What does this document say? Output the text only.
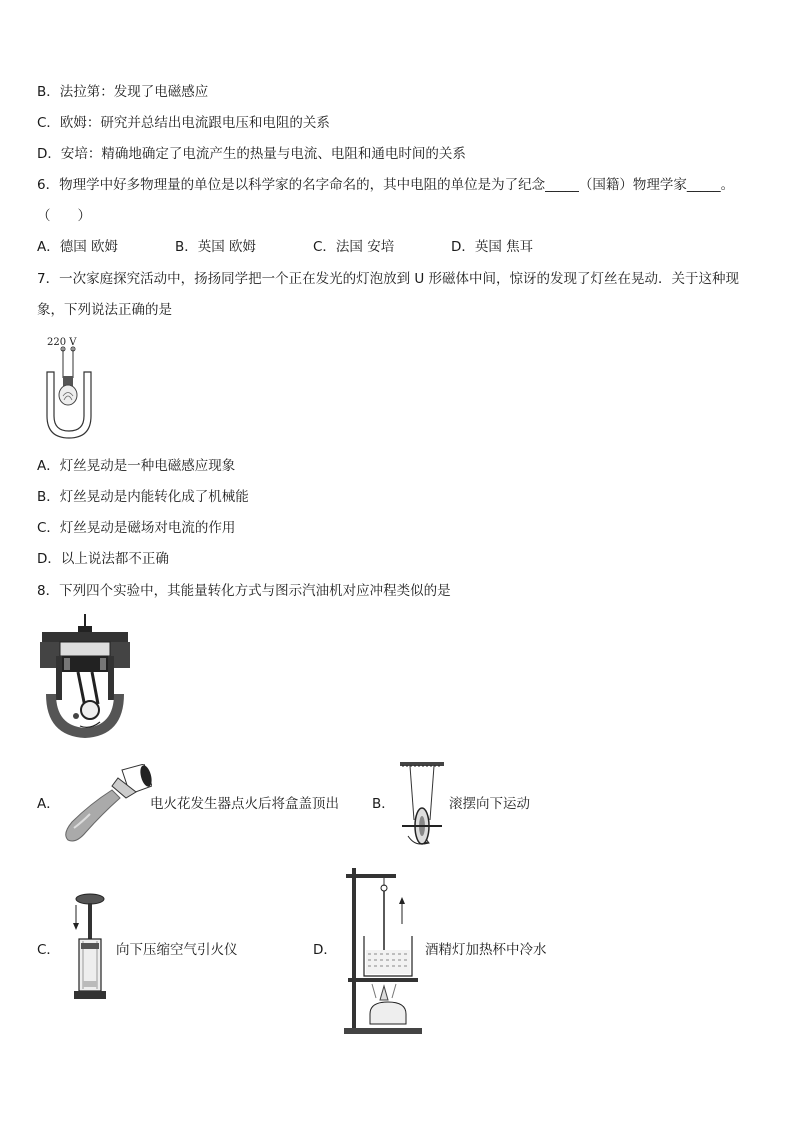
B．法拉第：发现了电磁感应
C．欧姆：研究并总结出电流跟电压和电阻的关系
D．安培：精确地确定了电流产生的热量与电流、电阻和通电时间的关系
6．物理学中好多物理量的单位是以科学家的名字命名的，其中电阻的单位是为了纪念_____（国籍）物理学家_____。
（　　）
A．德国 欧姆	B．英国 欧姆	C．法国 安培	D．英国 焦耳
7．一次家庭探究活动中，扬扬同学把一个正在发光的灯泡放到 U 形磁体中间，惊讶的发现了灯丝在晃动．关于这种现
象，下列说法正确的是
220 V
A．灯丝晃动是一种电磁感应现象
B．灯丝晃动是内能转化成了机械能
C．灯丝晃动是磁场对电流的作用
D．以上说法都不正确
8．下列四个实验中，其能量转化方式与图示汽油机对应冲程类似的是
A．	电火花发生器点火后将盒盖顶出 B．	滚摆向下运动
C．	向下压缩空气引火仪	D．	酒精灯加热杯中冷水
